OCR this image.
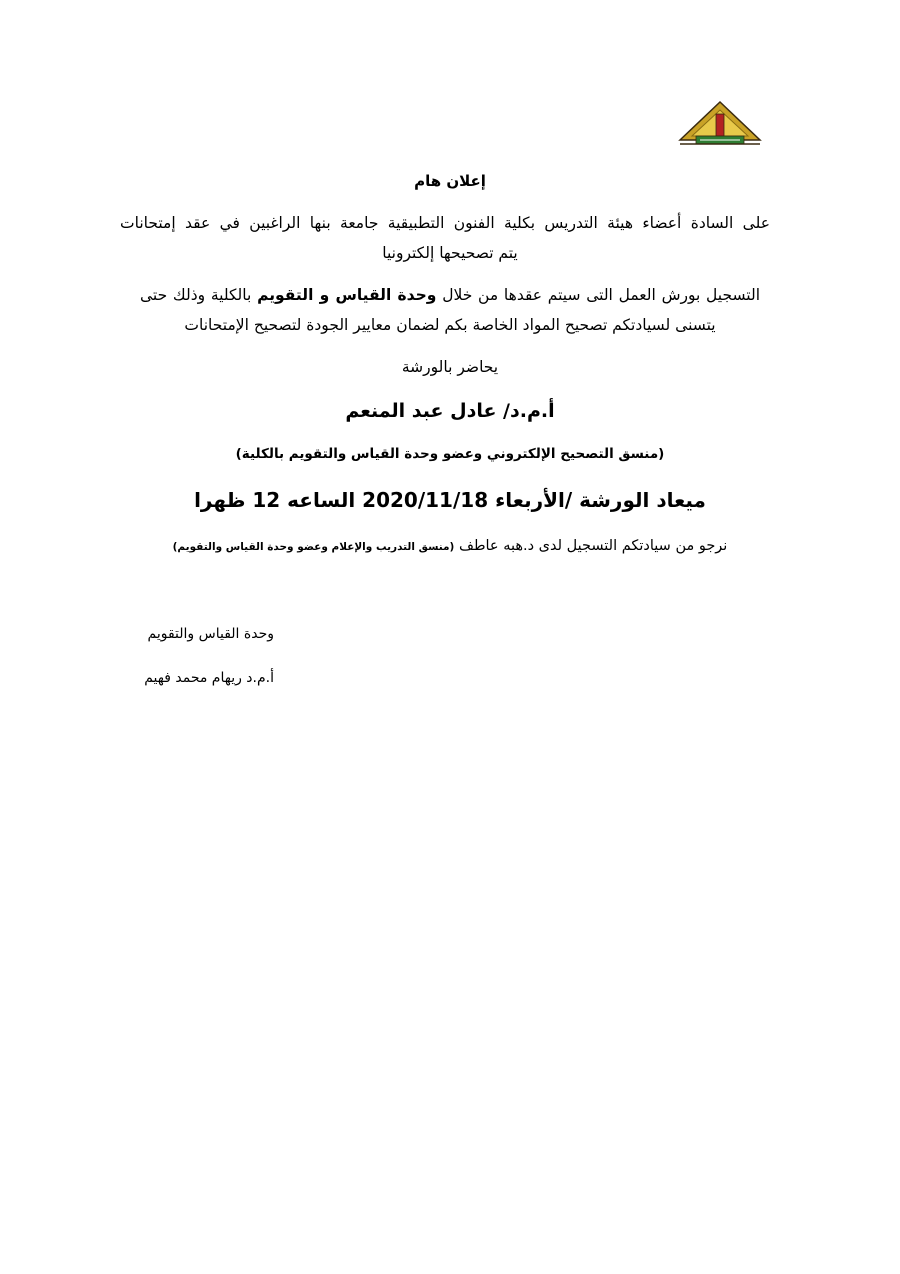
إعلان هام
على السادة أعضاء هيئة التدريس بكلية الفنون التطبيقية جامعة بنها الراغبين في عقد إمتحانات
يتم تصحيحها إلكترونيا
التسجيل بورش العمل التى سيتم عقدها من خلال وحدة القياس و التقويم بالكلية وذلك حتى
يتسنى لسيادتكم تصحيح المواد الخاصة بكم لضمان معايير الجودة لتصحيح الإمتحانات
يحاضر بالورشة
أ.م.د/ عادل عبد المنعم
(منسق التصحيح الإلكتروني وعضو وحدة القياس والتقويم بالكلية)
ميعاد الورشة /الأربعاء 2020/11/18 الساعه 12 ظهرا
نرجو من سيادتكم التسجيل لدى د.هبه عاطف (منسق التدريب والإعلام وعضو وحدة القياس والتقويم)
وحدة القياس والتقويم
أ.م.د ريهام محمد فهيم
